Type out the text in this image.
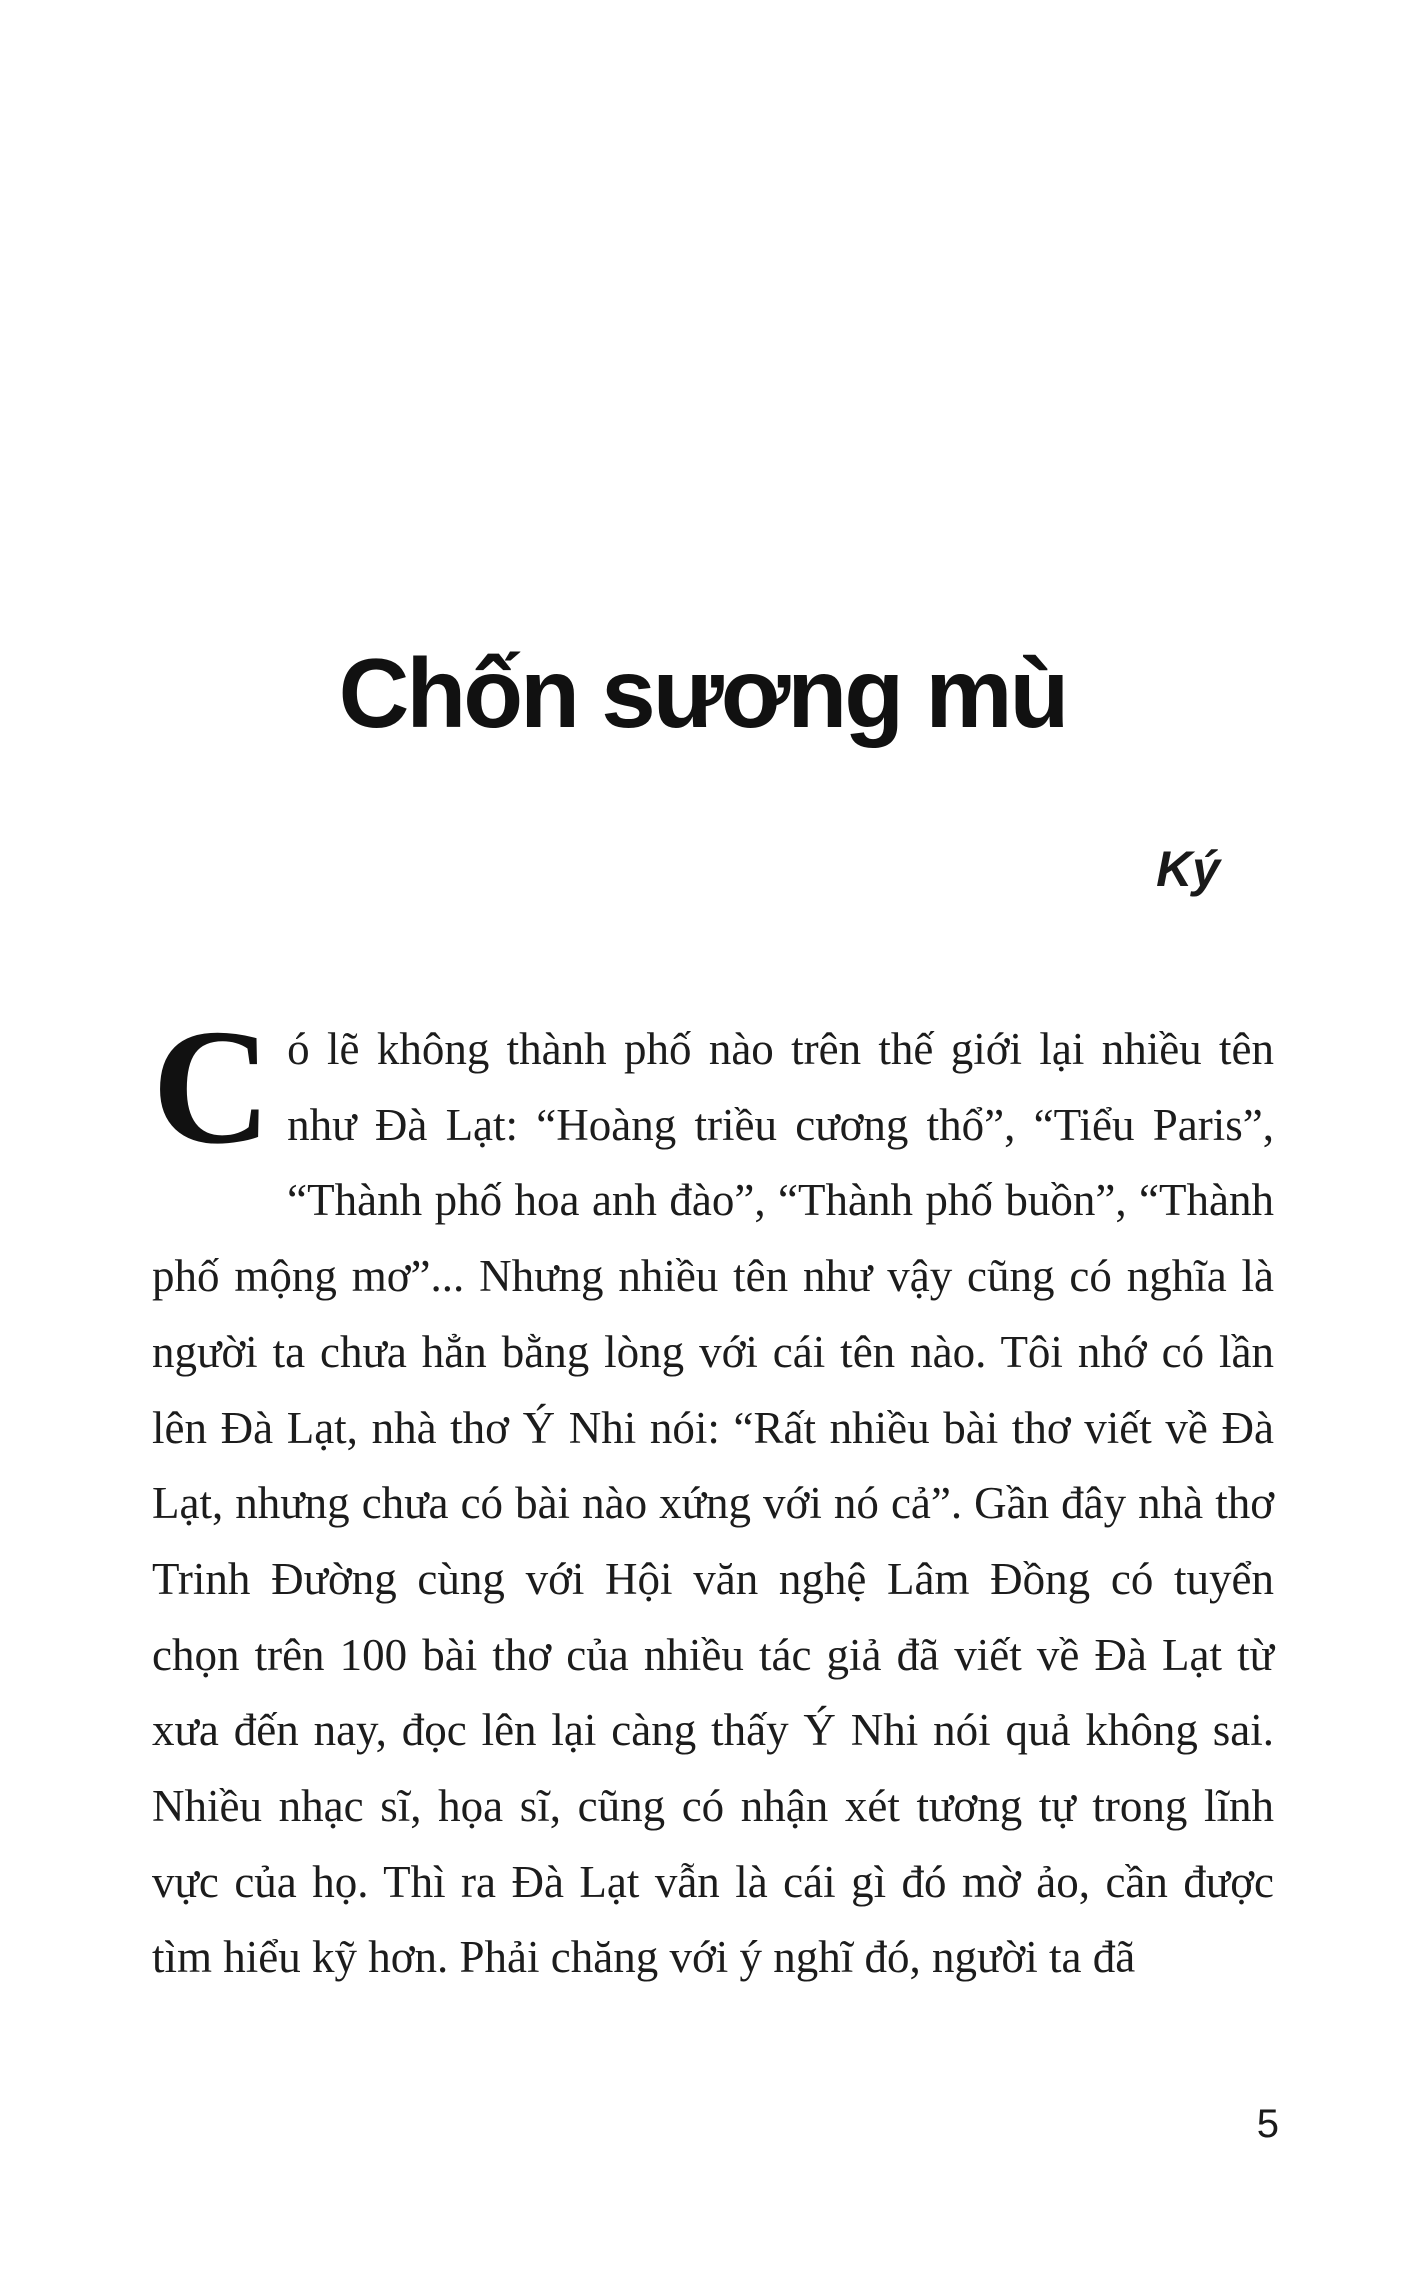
Chốn sương mù
Ký

Có lẽ không thành phố nào trên thế giới lại nhiều tên như Đà Lạt: “Hoàng triều cương thổ”, “Tiểu Paris”, “Thành phố hoa anh đào”, “Thành phố buồn”, “Thành phố mộng mơ”... Nhưng nhiều tên như vậy cũng có nghĩa là người ta chưa hẳn bằng lòng với cái tên nào. Tôi nhớ có lần lên Đà Lạt, nhà thơ Ý Nhi nói: “Rất nhiều bài thơ viết về Đà Lạt, nhưng chưa có bài nào xứng với nó cả”. Gần đây nhà thơ Trinh Đường cùng với Hội văn nghệ Lâm Đồng có tuyển chọn trên 100 bài thơ của nhiều tác giả đã viết về Đà Lạt từ xưa đến nay, đọc lên lại càng thấy Ý Nhi nói quả không sai. Nhiều nhạc sĩ, họa sĩ, cũng có nhận xét tương tự trong lĩnh vực của họ. Thì ra Đà Lạt vẫn là cái gì đó mờ ảo, cần được tìm hiểu kỹ hơn. Phải chăng với ý nghĩ đó, người ta đã

5
